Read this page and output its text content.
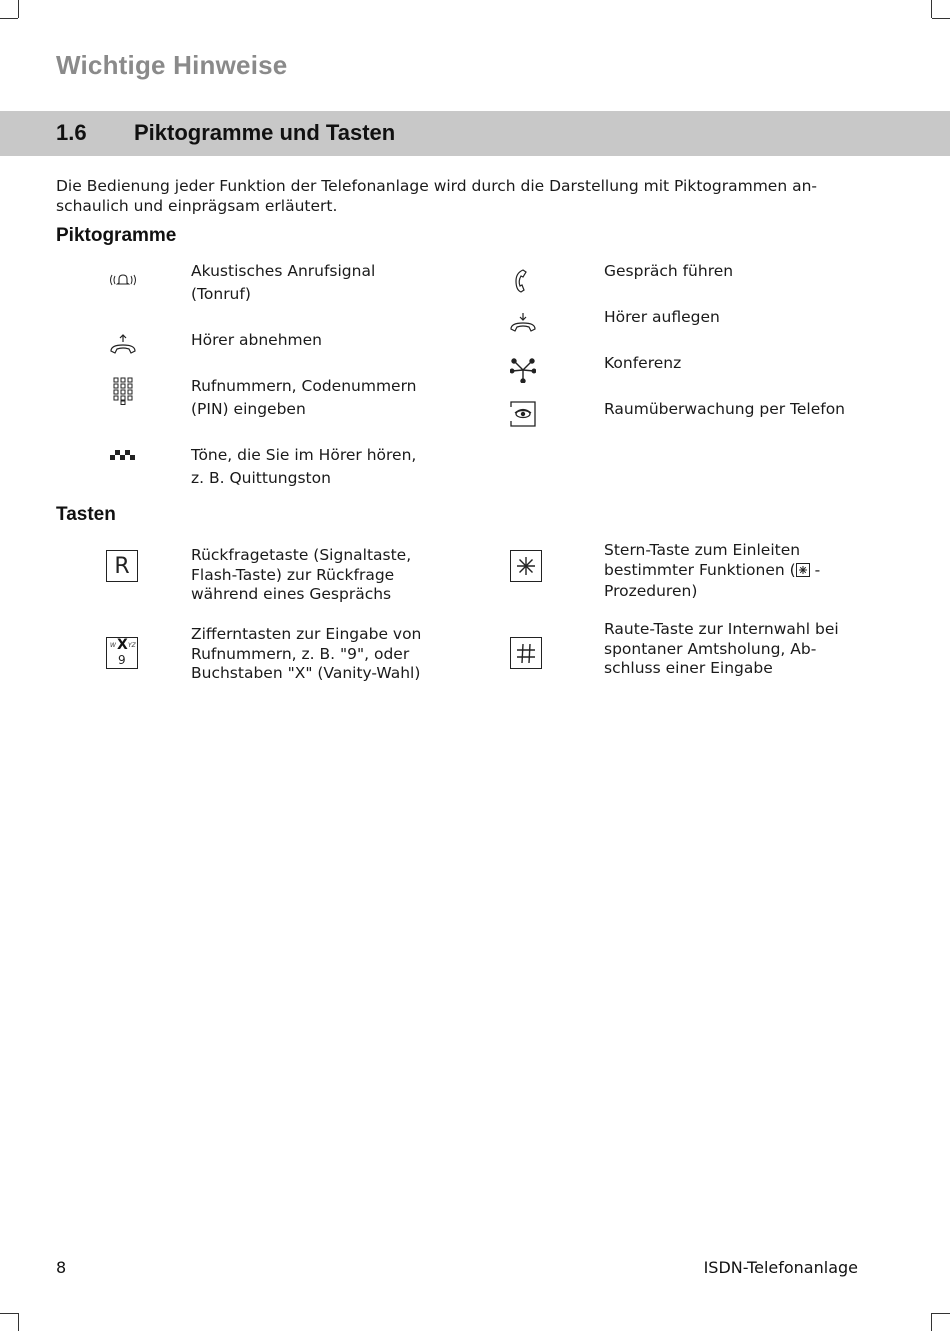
Wichtige Hinweise
1.6 Piktogramme und Tasten
Die Bedienung jeder Funktion der Telefonanlage wird durch die Darstellung mit Piktogrammen an-schaulich und einprägsam erläutert.
Piktogramme
Akustisches Anrufsignal
(Tonruf)
Hörer abnehmen
Rufnummern, Codenummern
(PIN) eingeben
Töne, die Sie im Hörer hören,
z. B. Quittungston
Gespräch führen
Hörer auflegen
Konferenz
Raumüberwachung per Telefon
Tasten
R	Rückfragetaste (Signaltaste,
Flash-Taste) zur Rückfrage
während eines Gesprächs
W X YZ
9
Zifferntasten zur Eingabe von
Rufnummern, z. B. "9", oder
Buchstaben "X" (Vanity-Wahl)
Stern-Taste zum Einleiten
bestimmter Funktionen ( -
Prozeduren)
Raute-Taste zur Internwahl bei
spontaner Amtsholung, Ab-
schluss einer Eingabe
8	ISDN-Telefonanlage
